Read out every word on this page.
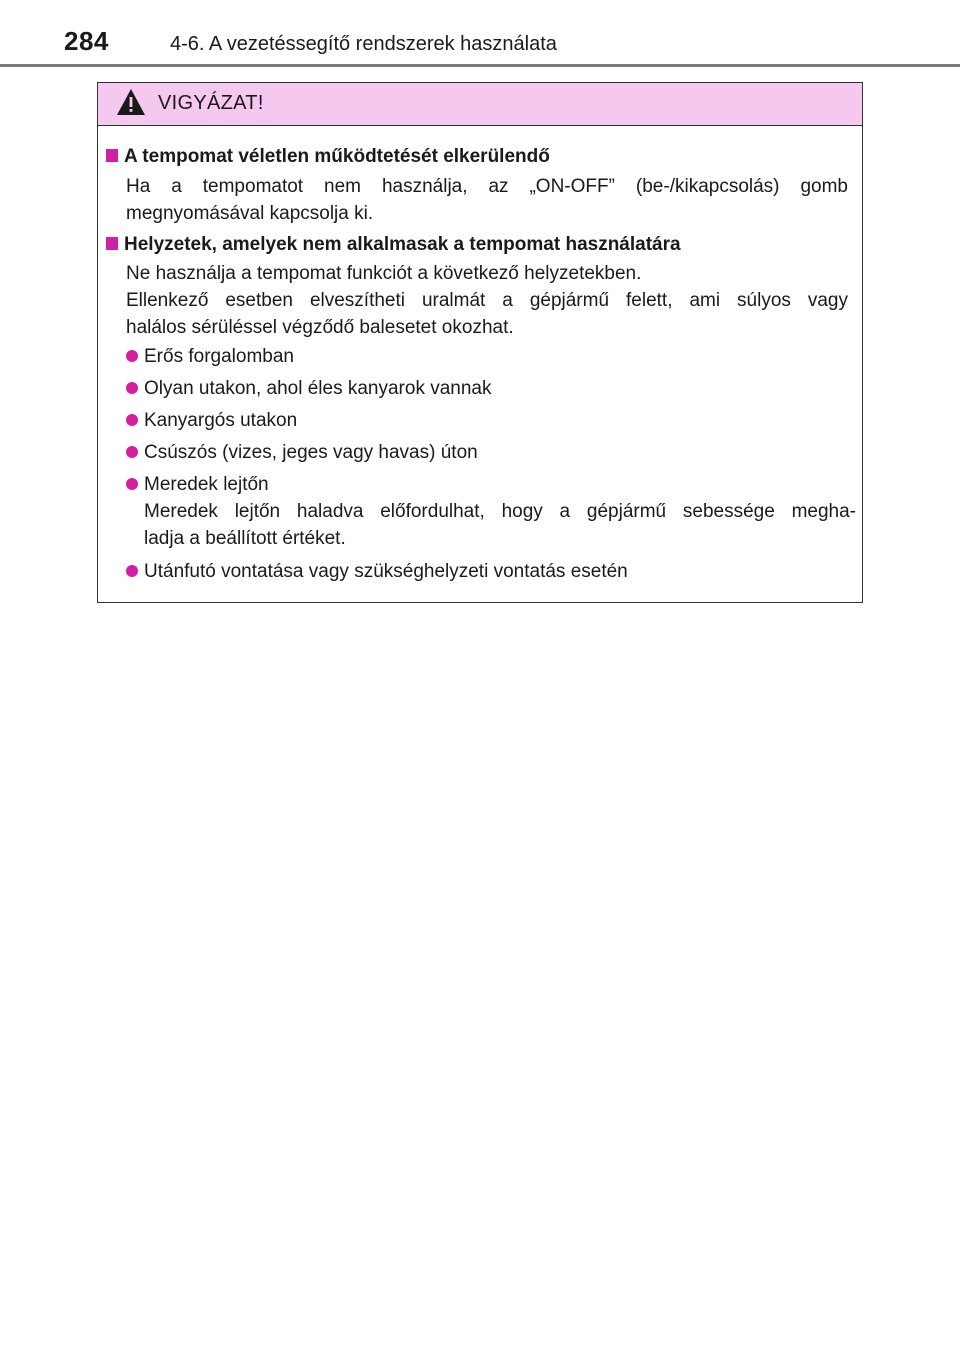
284	4-6. A vezetéssegítő rendszerek használata
VIGYÁZAT!
A tempomat véletlen működtetését elkerülendő
Ha a tempomatot nem használja, az „ON-OFF” (be-/kikapcsolás) gomb
megnyomásával kapcsolja ki.
Helyzetek, amelyek nem alkalmasak a tempomat használatára
Ne használja a tempomat funkciót a következő helyzetekben.
Ellenkező esetben elveszítheti uralmát a gépjármű felett, ami súlyos vagy
halálos sérüléssel végződő balesetet okozhat.
Erős forgalomban
Olyan utakon, ahol éles kanyarok vannak
Kanyargós utakon
Csúszós (vizes, jeges vagy havas) úton
Meredek lejtőn
Meredek lejtőn haladva előfordulhat, hogy a gépjármű sebessége megha-
ladja a beállított értéket.
Utánfutó vontatása vagy szükséghelyzeti vontatás esetén
